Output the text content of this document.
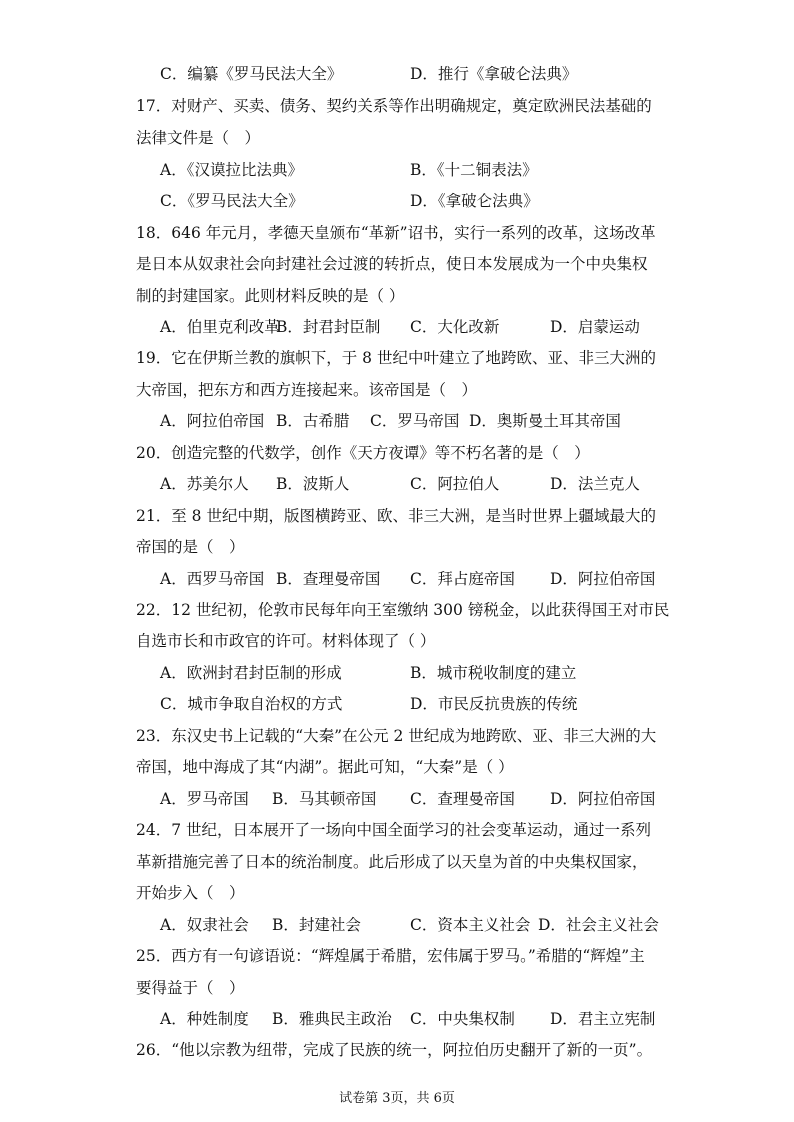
C．编纂《罗马民法大全》	D．推行《拿破仑法典》
17．对财产、买卖、债务、契约关系等作出明确规定，奠定欧洲民法基础的
法律文件是（　）
A．《汉谟拉比法典》	B．《十二铜表法》
C．《罗马民法大全》	D．《拿破仑法典》
18．646 年元月，孝德天皇颁布“革新”诏书，实行一系列的改革，这场改革
是日本从奴隶社会向封建社会过渡的转折点，使日本发展成为一个中央集权
制的封建国家。此则材料反映的是（ ）
A．伯里克利改革
B．封君封臣制 C．大化改新	D．启蒙运动
19．它在伊斯兰教的旗帜下，于 8 世纪中叶建立了地跨欧、亚、非三大洲的
大帝国，把东方和西方连接起来。该帝国是（　）
A．阿拉伯帝国 B．古希腊 C．罗马帝国 D．奥斯曼土耳其帝国
20．创造完整的代数学，创作《天方夜谭》等不朽名著的是（　）
A．苏美尔人 B．波斯人	C．阿拉伯人	D．法兰克人
21．至 8 世纪中期，版图横跨亚、欧、非三大洲，是当时世界上疆域最大的
帝国的是（　）
A．西罗马帝国 B．查理曼帝国 C．拜占庭帝国 D．阿拉伯帝国
22．12 世纪初，伦敦市民每年向王室缴纳 300 镑税金，以此获得国王对市民
自选市长和市政官的许可。材料体现了（ ）
A．欧洲封君封臣制的形成	B．城市税收制度的建立
C．城市争取自治权的方式	D．市民反抗贵族的传统
23．东汉史书上记载的“大秦”在公元 2 世纪成为地跨欧、亚、非三大洲的大
帝国，地中海成了其“内湖”。据此可知，“大秦”是（ ）
A．罗马帝国 B．马其顿帝国 C．查理曼帝国 D．阿拉伯帝国
24．7 世纪，日本展开了一场向中国全面学习的社会变革运动，通过一系列
革新措施完善了日本的统治制度。此后形成了以天皇为首的中央集权国家，
开始步入（　）
A．奴隶社会 B．封建社会	C．资本主义社会 D．社会主义社会
25．西方有一句谚语说：“辉煌属于希腊，宏伟属于罗马。”希腊的“辉煌”主
要得益于（　）
A．种姓制度 B．雅典民主政治 C．中央集权制 D．君主立宪制
26．“他以宗教为纽带，完成了民族的统一，阿拉伯历史翻开了新的一页”。
试卷第 3页，共 6页
